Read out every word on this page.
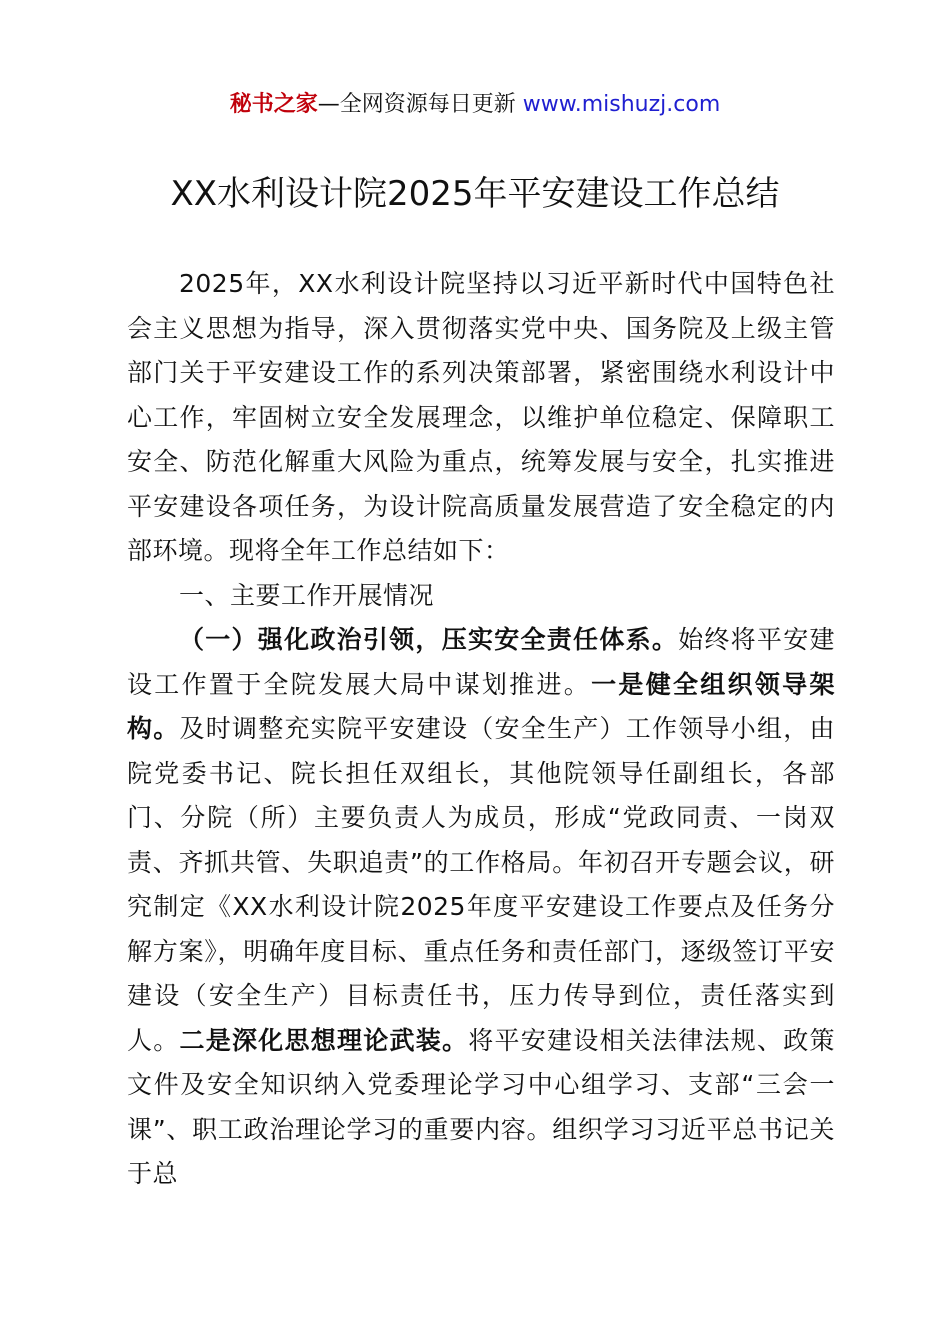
秘书之家—全网资源每日更新 www.mishuzj.com
XX水利设计院2025年平安建设工作总结

2025年，XX水利设计院坚持以习近平新时代中国特色社会主义思想为指导，深入贯彻落实党中央、国务院及上级主管部门关于平安建设工作的系列决策部署，紧密围绕水利设计中心工作，牢固树立安全发展理念，以维护单位稳定、保障职工安全、防范化解重大风险为重点，统筹发展与安全，扎实推进平安建设各项任务，为设计院高质量发展营造了安全稳定的内部环境。现将全年工作总结如下：

一、主要工作开展情况

（一）强化政治引领，压实安全责任体系。始终将平安建设工作置于全院发展大局中谋划推进。一是健全组织领导架构。及时调整充实院平安建设（安全生产）工作领导小组，由院党委书记、院长担任双组长，其他院领导任副组长，各部门、分院（所）主要负责人为成员，形成“党政同责、一岗双责、齐抓共管、失职追责”的工作格局。年初召开专题会议，研究制定《XX水利设计院2025年度平安建设工作要点及任务分解方案》，明确年度目标、重点任务和责任部门，逐级签订平安建设（安全生产）目标责任书，压力传导到位，责任落实到人。二是深化思想理论武装。将平安建设相关法律法规、政策文件及安全知识纳入党委理论学习中心组学习、支部“三会一课”、职工政治理论学习的重要内容。组织学习习近平总书记关于总
